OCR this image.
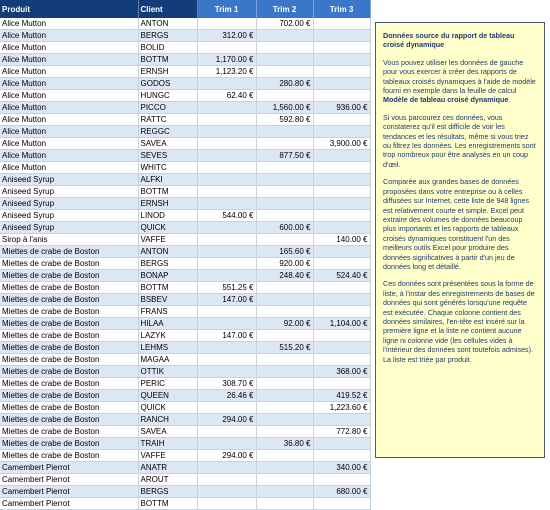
Produit	Client	Trim 1	Trim 2	Trim 3	Trim 4
Alice Mutton	ANTON		702.00 €		
Alice Mutton	BERGS	312.00 €			
Alice Mutton	BOLID				
Alice Mutton	BOTTM	1,170.00 €			
Alice Mutton	ERNSH	1,123.20 €			
Alice Mutton	GODOS		280.80 €		
Alice Mutton	HUNGC	62.40 €			
Alice Mutton	PICCO		1,560.00 €	936.00 €	
Alice Mutton	RATTC		592.80 €		
Alice Mutton	REGGC				
Alice Mutton	SAVEA			3,900.00 €	
Alice Mutton	SEVES		877.50 €		
Alice Mutton	WHITC				
Aniseed Syrup	ALFKI				
Aniseed Syrup	BOTTM				
Aniseed Syrup	ERNSH				
Aniseed Syrup	LINOD	544.00 €			
Aniseed Syrup	QUICK		600.00 €		
Sirop à l'anis	VAFFE			140.00 €	
Miettes de crabe de Boston	ANTON		165.60 €		
Miettes de crabe de Boston	BERGS		920.00 €		
Miettes de crabe de Boston	BONAP		248.40 €	524.40 €	
Miettes de crabe de Boston	BOTTM	551.25 €			
Miettes de crabe de Boston	BSBEV	147.00 €			
Miettes de crabe de Boston	FRANS				
Miettes de crabe de Boston	HILAA		92.00 €	1,104.00 €	
Miettes de crabe de Boston	LAZYK	147.00 €			
Miettes de crabe de Boston	LEHMS		515.20 €		
Miettes de crabe de Boston	MAGAA				
Miettes de crabe de Boston	OTTIK			368.00 €	
Miettes de crabe de Boston	PERIC	308.70 €			
Miettes de crabe de Boston	QUEEN	26.46 €		419.52 €	
Miettes de crabe de Boston	QUICK			1,223.60 €	
Miettes de crabe de Boston	RANCH	294.00 €			
Miettes de crabe de Boston	SAVEA			772.80 €	
Miettes de crabe de Boston	TRAIH		36.80 €		
Miettes de crabe de Boston	VAFFE	294.00 €			
Camembert Pierrot	ANATR			340.00 €	
Camembert Pierrot	AROUT				
Camembert Pierrot	BERGS			680.00 €	
Camembert Pierrot	BOTTM				

Données source du rapport de tableau croisé dynamique

Vous pouvez utiliser les données de gauche pour vous exercer à créer des rapports de tableaux croisés dynamiques à l'aide de modèle fourni en exemple dans la feuille de calcul Modèle de tableau croisé dynamique.

Si vous parcourez ces données, vous constaterez qu'il est difficile de voir les tendances et les résultats, même si vous triez ou filtrez les données. Les enregistrements sont trop nombreux pour être analysés en un coup d'œil.

Comparée aux grandes bases de données proposées dans votre entreprise ou à celles diffusées sur Internet, cette liste de 948 lignes est relativement courte et simple. Excel peut extraire des volumes de données beaucoup plus importants et les rapports de tableaux croisés dynamiques constituent l'un des meilleurs outils Excel pour produire des données significatives à partir d'un jeu de données long et détaillé.

Ces données sont présentées sous la forme de liste, à l'instar des enregistrements de bases de données qui sont générés lorsqu'une requête est exécutée. Chaque colonne contient des données similaires, l'en-tête est inséré sur la première ligne et la liste ne contient aucune ligne ni colonne vide (les cellules vides à l'intérieur des données sont toutefois admises). La liste est triée par produit.
